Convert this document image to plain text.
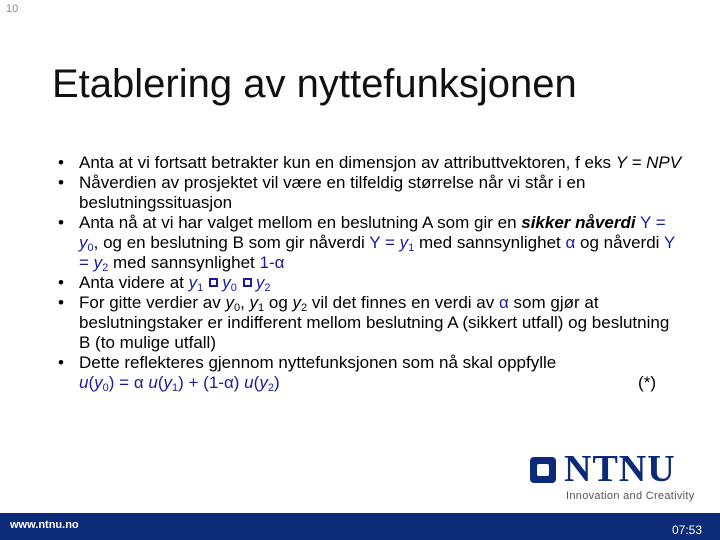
10
Etablering av nyttefunksjonen
• Anta at vi fortsatt betrakter kun en dimensjon av attributtvektoren, f eks Y = NPV
• Nåverdien av prosjektet vil være en tilfeldig størrelse når vi står i en beslutningssituasjon
• Anta nå at vi har valget mellom en beslutning A som gir en sikker nåverdi $Y = y_0$, og en beslutning B som gir nåverdi $Y = y_1$ med sannsynlighet α og nåverdi $Y = y_2$ med sannsynlighet 1-α
• Anta videre at $y_1$ $y_0$ $y_2$
• For gitte verdier av $y_0$, $y_1$ og $y_2$ vil det finnes en verdi av α som gjør at beslutningstaker er indifferent mellom beslutning A (sikkert utfall) og beslutning B (to mulige utfall)
• Dette reflekteres gjennom nyttefunksjonen som nå skal oppfylle
$u(y_0) = \alpha$ $u(y_1) + (1-\alpha)$ $u(y_2)$	(*)
NTNU
Innovation and Creativity
www.ntnu.no	07:53
